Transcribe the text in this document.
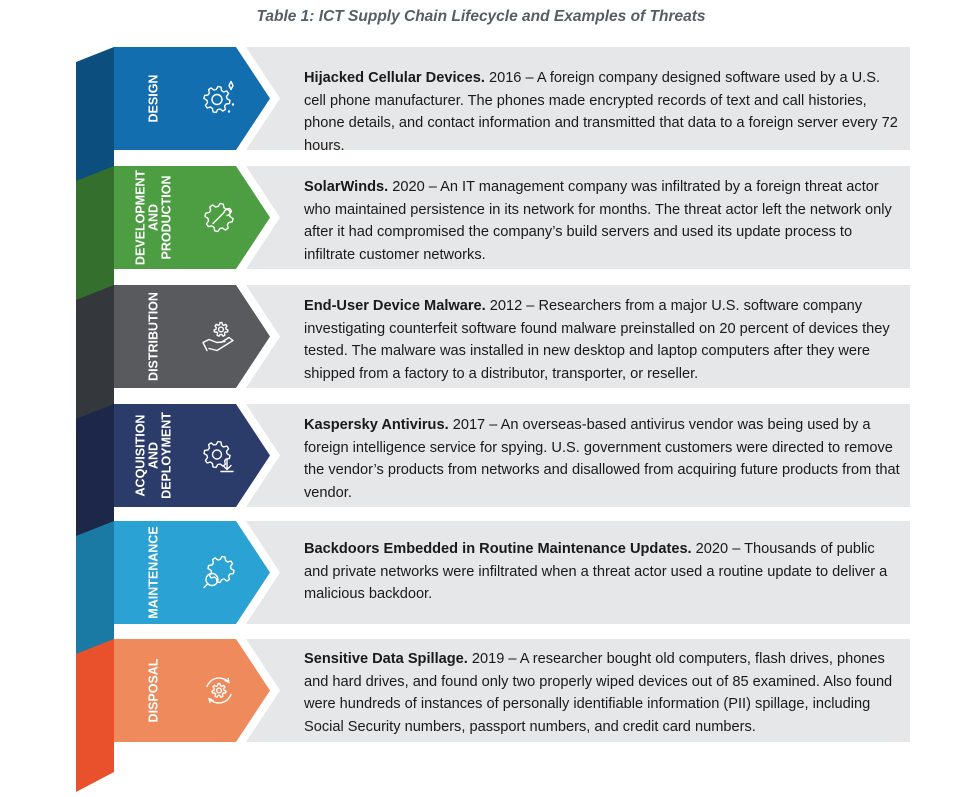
Table 1: ICT Supply Chain Lifecycle and Examples of Threats
DESIGN	Hijacked Cellular Devices. 2016 – A foreign company designed software used by a U.S. cell phone manufacturer. The phones made encrypted records of text and call histories, phone details, and contact information and transmitted that data to a foreign server every 72 hours.
DEVELOPMENT AND PRODUCTION	SolarWinds. 2020 – An IT management company was infiltrated by a foreign threat actor who maintained persistence in its network for months. The threat actor left the network only after it had compromised the company’s build servers and used its update process to infiltrate customer networks.
DISTRIBUTION	End-User Device Malware. 2012 – Researchers from a major U.S. software company investigating counterfeit software found malware preinstalled on 20 percent of devices they tested. The malware was installed in new desktop and laptop computers after they were shipped from a factory to a distributor, transporter, or reseller.
ACQUISITION AND DEPLOYMENT	Kaspersky Antivirus. 2017 – An overseas-based antivirus vendor was being used by a foreign intelligence service for spying. U.S. government customers were directed to remove the vendor’s products from networks and disallowed from acquiring future products from that vendor.
MAINTENANCE	Backdoors Embedded in Routine Maintenance Updates. 2020 – Thousands of public and private networks were infiltrated when a threat actor used a routine update to deliver a malicious backdoor.
DISPOSAL	Sensitive Data Spillage. 2019 – A researcher bought old computers, flash drives, phones and hard drives, and found only two properly wiped devices out of 85 examined. Also found were hundreds of instances of personally identifiable information (PII) spillage, including Social Security numbers, passport numbers, and credit card numbers.
